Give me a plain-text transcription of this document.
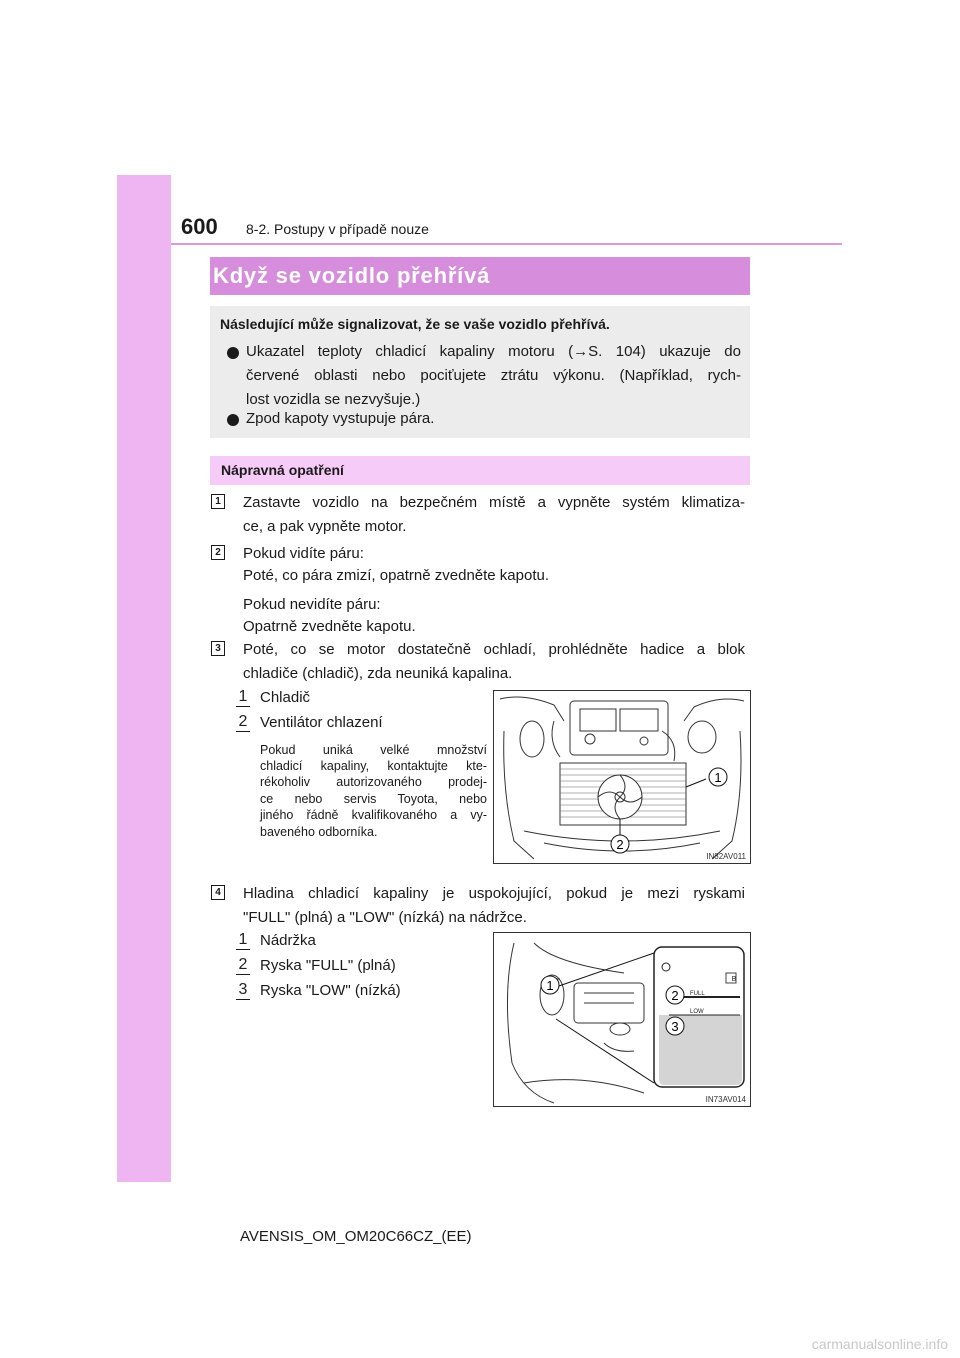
600 8-2. Postupy v případě nouze
Když se vozidlo přehřívá
Následující může signalizovat, že se vaše vozidlo přehřívá.
Ukazatel teploty chladicí kapaliny motoru (→S. 104) ukazuje do
červené oblasti nebo pociťujete ztrátu výkonu. (Například, rych-
lost vozidla se nezvyšuje.)
Zpod kapoty vystupuje pára.
Nápravná opatření
1 Zastavte vozidlo na bezpečném místě a vypněte systém klimatiza-
ce, a pak vypněte motor.
2 Pokud vidíte páru:
Poté, co pára zmizí, opatrně zvedněte kapotu.
Pokud nevidíte páru:
Opatrně zvedněte kapotu.
3 Poté, co se motor dostatečně ochladí, prohlédněte hadice a blok
chladiče (chladič), zda neuniká kapalina.
1 Chladič
2 Ventilátor chlazení
Pokud uniká velké množství
chladicí kapaliny, kontaktujte kte-
rékoholiv autorizovaného prodej-
ce nebo servis Toyota, nebo
jiného řádně kvalifikovaného a vy-
baveného odborníka.
1
2
IN82AV011
4 Hladina chladicí kapaliny je uspokojující, pokud je mezi ryskami
"FULL" (plná) a "LOW" (nízká) na nádržce.
1 Nádržka
2 Ryska "FULL" (plná)
3 Ryska "LOW" (nízká)
B
FULL
LOW
1
2
3
IN73AV014
AVENSIS_OM_OM20C66CZ_(EE)
carmanualsonline.info
